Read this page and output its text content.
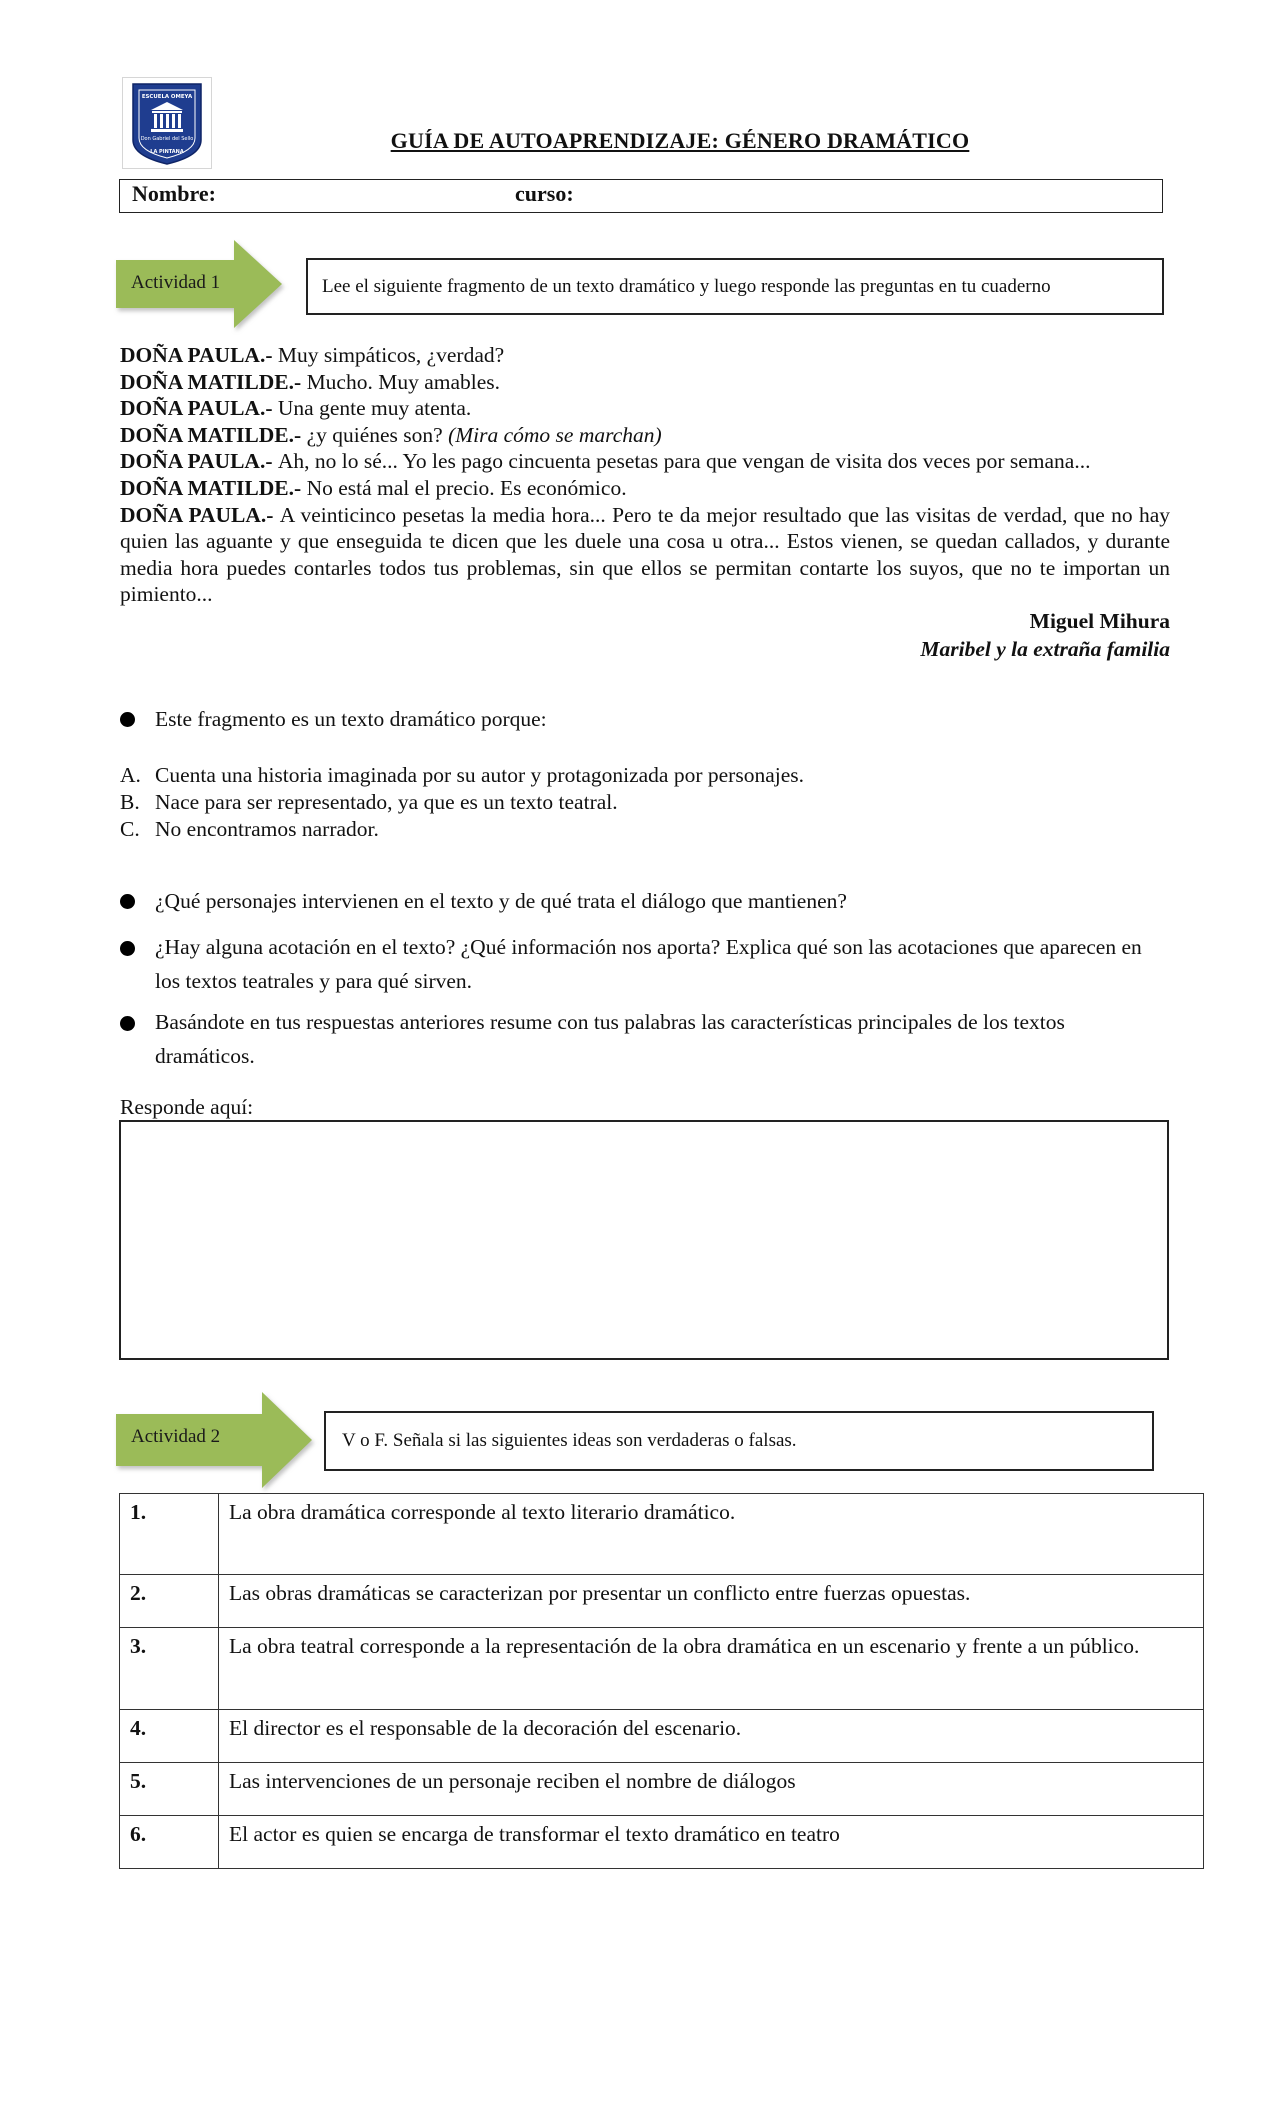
ESCUELA OMEYA
Don Gabriel del Sello
LA PINTANA	GUÍA DE AUTOAPRENDIZAJE: GÉNERO DRAMÁTICO
Nombre:	curso:
Actividad 1	Lee el siguiente fragmento de un texto dramático y luego responde las preguntas en tu cuaderno

DOÑA PAULA.- Muy simpáticos, ¿verdad?

DOÑA MATILDE.- Mucho. Muy amables.

DOÑA PAULA.- Una gente muy atenta.

DOÑA MATILDE.- ¿y quiénes son? (Mira cómo se marchan)

DOÑA PAULA.- Ah, no lo sé... Yo les pago cincuenta pesetas para que vengan de visita dos veces por semana...

DOÑA MATILDE.- No está mal el precio. Es económico.

DOÑA PAULA.- A veinticinco pesetas la media hora... Pero te da mejor resultado que las visitas de verdad, que no hay quien las aguante y que enseguida te dicen que les duele una cosa u otra... Estos vienen, se quedan callados, y durante media hora puedes contarles todos tus problemas, sin que ellos se permitan contarte los suyos, que no te importan un pimiento...

Miguel Mihura

Maribel y la extraña familia

Este fragmento es un texto dramático porque:
A. Cuenta una historia imaginada por su autor y protagonizada por personajes.
B. Nace para ser representado, ya que es un texto teatral.
C. No encontramos narrador.
¿Qué personajes intervienen en el texto y de qué trata el diálogo que mantienen?
¿Hay alguna acotación en el texto? ¿Qué información nos aporta? Explica qué son las acotaciones que aparecen en los textos teatrales y para qué sirven.
Basándote en tus respuestas anteriores resume con tus palabras las características principales de los textos dramáticos.
Responde aquí:
Actividad 2	V o F. Señala si las siguientes ideas son verdaderas o falsas.
1.	La obra dramática corresponde al texto literario dramático.
2.	Las obras dramáticas se caracterizan por presentar un conflicto entre fuerzas opuestas.
3.	La obra teatral corresponde a la representación de la obra dramática en un escenario y frente a un público.
4.	El director es el responsable de la decoración del escenario.
5.	Las intervenciones de un personaje reciben el nombre de diálogos
6.	El actor es quien se encarga de transformar el texto dramático en teatro
